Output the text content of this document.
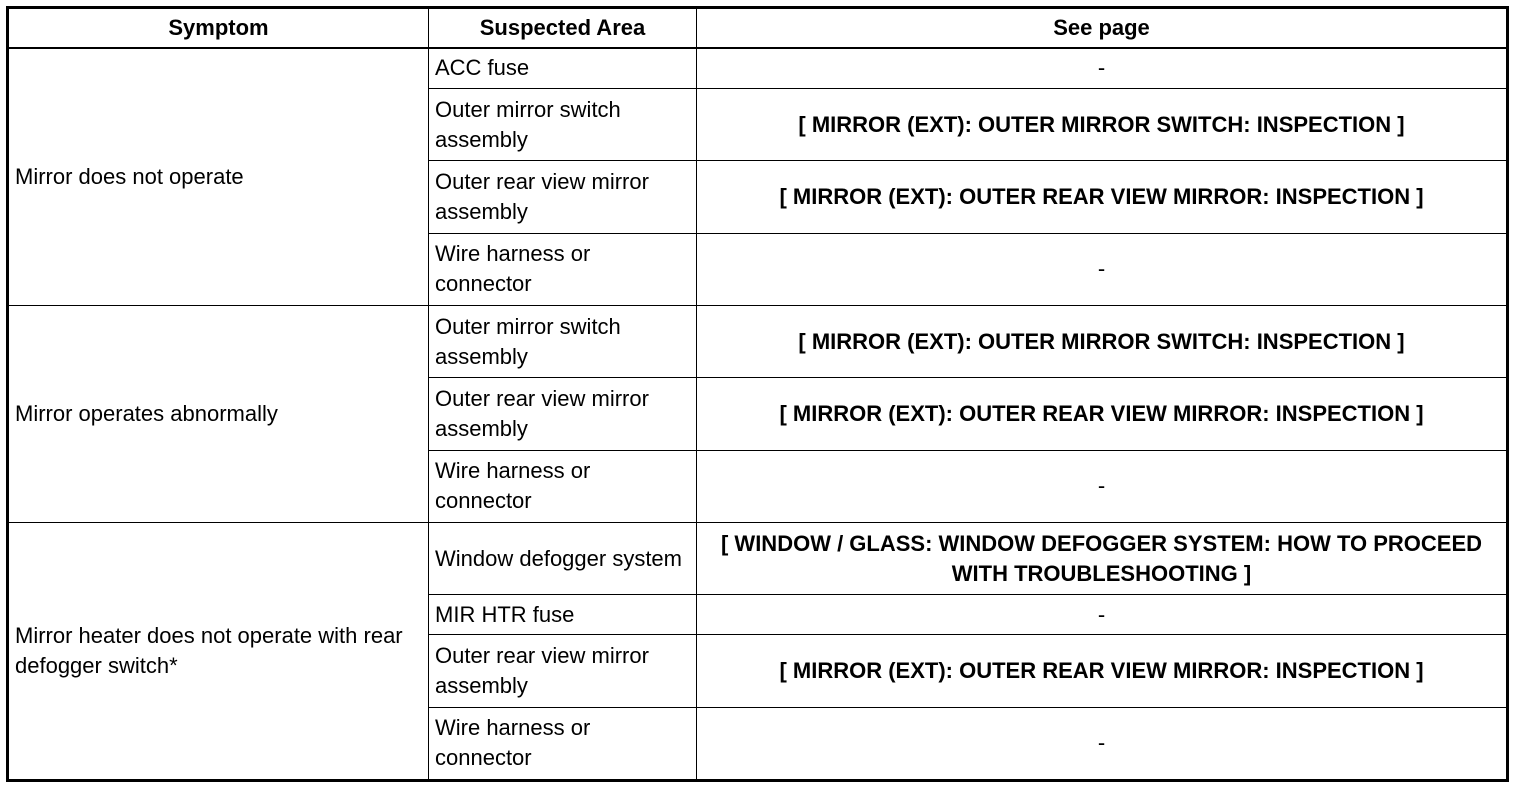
Symptom	Suspected Area	See page
Mirror does not operate	ACC fuse	-
	Outer mirror switch assembly	[ MIRROR (EXT): OUTER MIRROR SWITCH: INSPECTION ]
	Outer rear view mirror assembly	[ MIRROR (EXT): OUTER REAR VIEW MIRROR: INSPECTION ]
	Wire harness or connector	-
Mirror operates abnormally	Outer mirror switch assembly	[ MIRROR (EXT): OUTER MIRROR SWITCH: INSPECTION ]
	Outer rear view mirror assembly	[ MIRROR (EXT): OUTER REAR VIEW MIRROR: INSPECTION ]
	Wire harness or connector	-
Mirror heater does not operate with rear defogger switch*	Window defogger system	[ WINDOW / GLASS: WINDOW DEFOGGER SYSTEM: HOW TO PROCEED WITH TROUBLESHOOTING ]
	MIR HTR fuse	-
	Outer rear view mirror assembly	[ MIRROR (EXT): OUTER REAR VIEW MIRROR: INSPECTION ]
	Wire harness or connector	-
